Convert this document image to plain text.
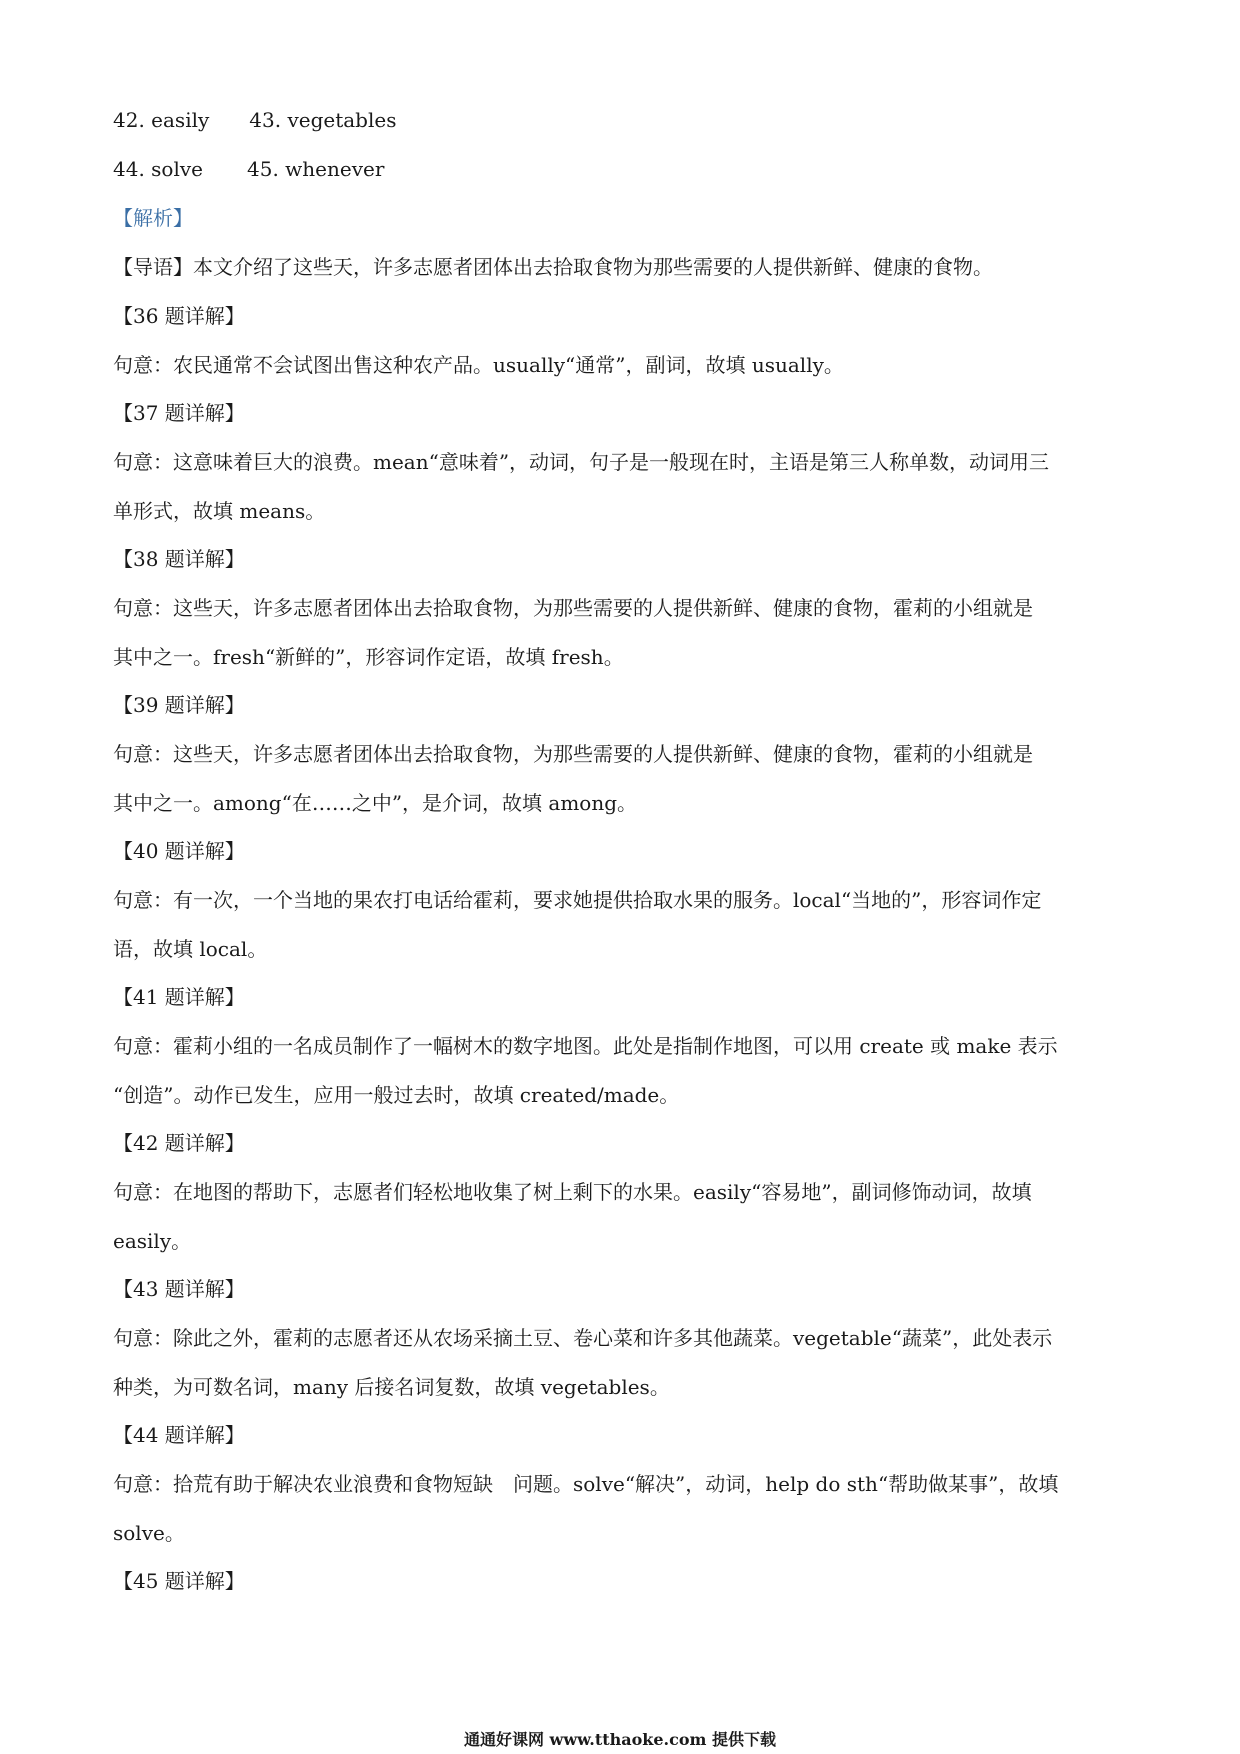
42. easily 43. vegetables

44. solve 45. whenever

【解析】

【导语】本文介绍了这些天，许多志愿者团体出去拾取食物为那些需要的人提供新鲜、健康的食物。

【36 题详解】

句意：农民通常不会试图出售这种农产品。usually“通常”，副词，故填 usually。

【37 题详解】

句意：这意味着巨大的浪费。mean“意味着”，动词，句子是一般现在时，主语是第三人称单数，动词用三

单形式，故填 means。

【38 题详解】

句意：这些天，许多志愿者团体出去拾取食物，为那些需要的人提供新鲜、健康的食物，霍莉的小组就是

其中之一。fresh“新鲜的”，形容词作定语，故填 fresh。

【39 题详解】

句意：这些天，许多志愿者团体出去拾取食物，为那些需要的人提供新鲜、健康的食物，霍莉的小组就是

其中之一。among“在……之中”，是介词，故填 among。

【40 题详解】

句意：有一次，一个当地的果农打电话给霍莉，要求她提供拾取水果的服务。local“当地的”，形容词作定

语，故填 local。

【41 题详解】

句意：霍莉小组的一名成员制作了一幅树木的数字地图。此处是指制作地图，可以用 create 或 make 表示

“创造”。动作已发生，应用一般过去时，故填 created/made。

【42 题详解】

句意：在地图的帮助下，志愿者们轻松地收集了树上剩下的水果。easily“容易地”，副词修饰动词，故填

easily。

【43 题详解】

句意：除此之外，霍莉的志愿者还从农场采摘土豆、卷心菜和许多其他蔬菜。vegetable“蔬菜”，此处表示

种类，为可数名词，many 后接名词复数，故填 vegetables。

【44 题详解】

句意：拾荒有助于解决农业浪费和食物短缺　问题。solve“解决”，动词，help do sth“帮助做某事”，故填

solve。

【45 题详解】

通通好课网 www.tthaoke.com 提供下载
